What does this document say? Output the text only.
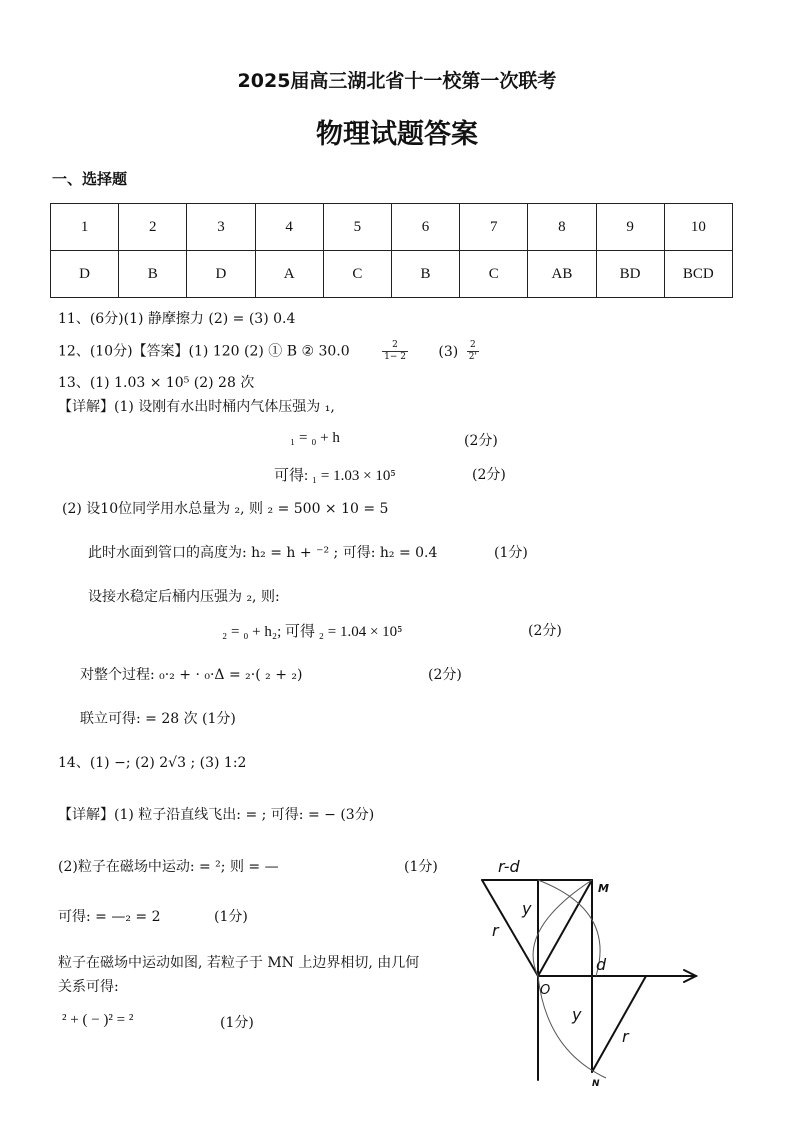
2025届高三湖北省十一校第一次联考
物理试题答案
一、选择题
1	2	3	4	5	6	7	8	9	10
D	B	D	A	C	B	C	AB	BD	BCD
11、(6分)(1) 静摩擦力 (2) = (3) 0.4
12、(10分)【答案】(1) 120 (2) ① B ② 30.0	$\frac{2}{1- 2} (3) \frac{2}{2'}$
13、(1) 1.03 × 10⁵ (2) 28 次
【详解】(1) 设刚有水出时桶内气体压强为 ₁,
₁ = ₀ + h	(2分)
可得: ₁ = 1.03 × 10⁵	(2分)
(2) 设10位同学用水总量为 ₂, 则 ₂ = 500 × 10 = 5
此时水面到管口的高度为: h₂ = h + ⁻² ; 可得: h₂ = 0.4	(1分)
设接水稳定后桶内压强为 ₂, 则:
₂ = ₀ + h₂; 可得 ₂ = 1.04 × 10⁵	(2分)
对整个过程: ₀·₂ + · ₀·Δ = ₂·( ₂ + ₂)	(2分)
联立可得: = 28 次 (1分)
14、(1) −; (2) 2√3 ; (3) 1:2
【详解】(1) 粒子沿直线飞出: = ; 可得: = − (3分)
(2)粒子在磁场中运动: = ²; 则 = —	(1分)
可得: = —₂ = 2	(1分)
粒子在磁场中运动如图, 若粒子于 MN 上边界相切, 由几何
关系可得:
² + ( − )² = ²	(1分)
r-d
M
y
r
d
O
y
r
N
